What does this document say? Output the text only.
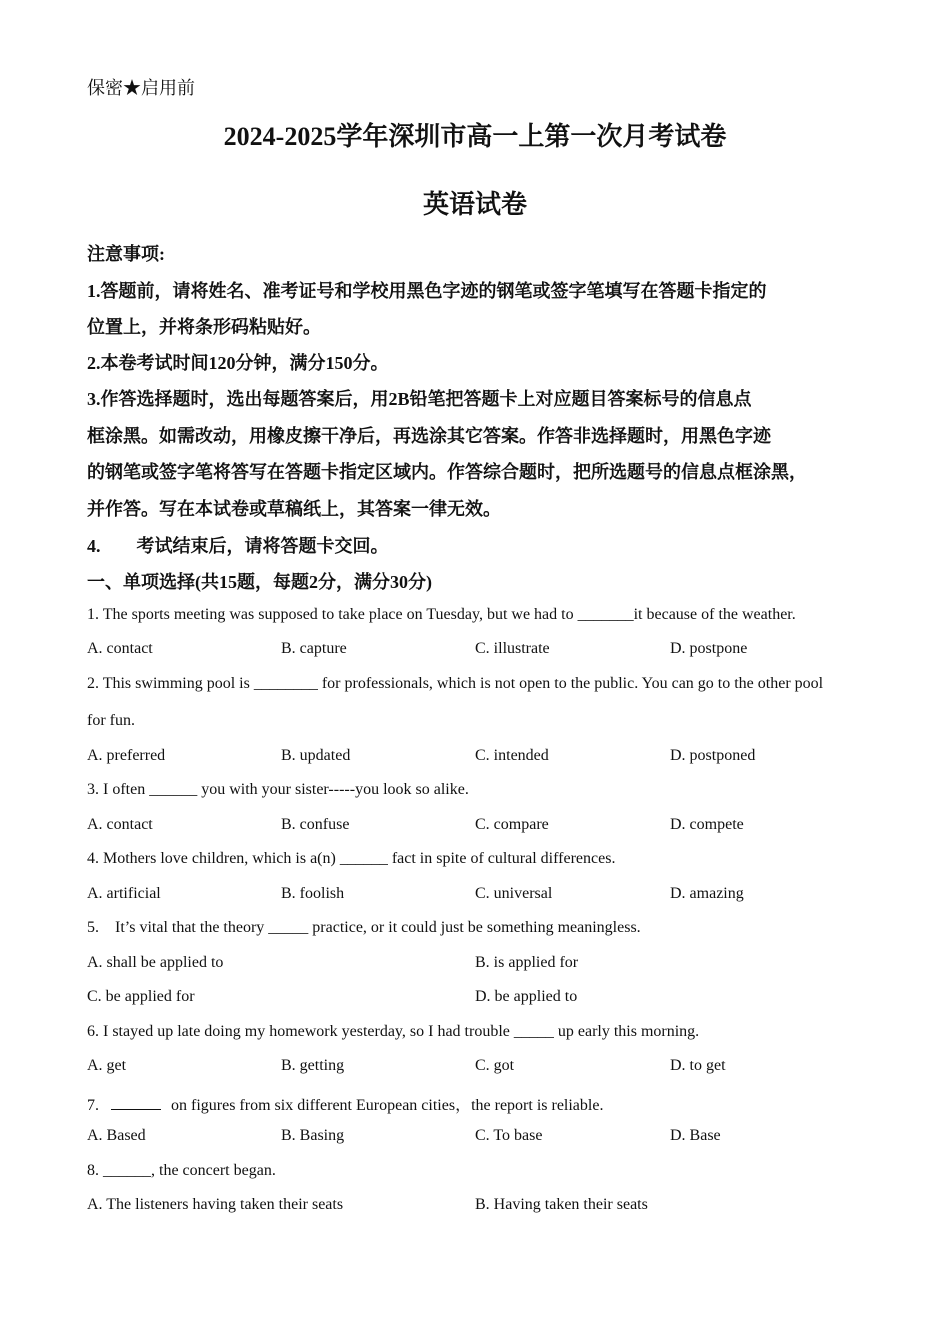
保密★启用前
2024-2025学年深圳市高一上第一次月考试卷
英语试卷
注意事项:
1.答题前，请将姓名、准考证号和学校用黑色字迹的钢笔或签字笔填写在答题卡指定的
位置上，并将条形码粘贴好。
2.本卷考试时间120分钟，满分150分。
3.作答选择题时，选出每题答案后，用2B铅笔把答题卡上对应题目答案标号的信息点
框涂黑。如需改动，用橡皮擦干净后，再选涂其它答案。作答非选择题时，用黑色字迹
的钢笔或签字笔将答写在答题卡指定区域内。作答综合题时，把所选题号的信息点框涂黑，
并作答。写在本试卷或草稿纸上，其答案一律无效。
4.        考试结束后，请将答题卡交回。
一、单项选择(共15题，每题2分，满分30分)
1. The sports meeting was supposed to take place on Tuesday, but we had to _______it because of the weather.
A. contact	B. capture	C. illustrate	D. postpone
2. This swimming pool is ________ for professionals, which is not open to the public. You can go to the other pool
for fun.
A. preferred	B. updated	C. intended	D. postponed
3. I often ______ you with your sister-----you look so alike.
A. contact	B. confuse	C. compare	D. compete
4. Mothers love children, which is a(n) ______ fact in spite of cultural differences.
A. artificial	B. foolish	C. universal	D. amazing
5.    It’s vital that the theory _____ practice, or it could just be something meaningless.
A. shall be applied to	B. is applied for
C. be applied for	D. be applied to
6. I stayed up late doing my homework yesterday, so I had trouble _____ up early this morning.
A. get	B. getting	C. got	D. to get
7.	on figures from six different European cities，the report is reliable.
A. Based	B. Basing	C. To base	D. Base
8. ______, the concert began.
A. The listeners having taken their seats	B. Having taken their seats
